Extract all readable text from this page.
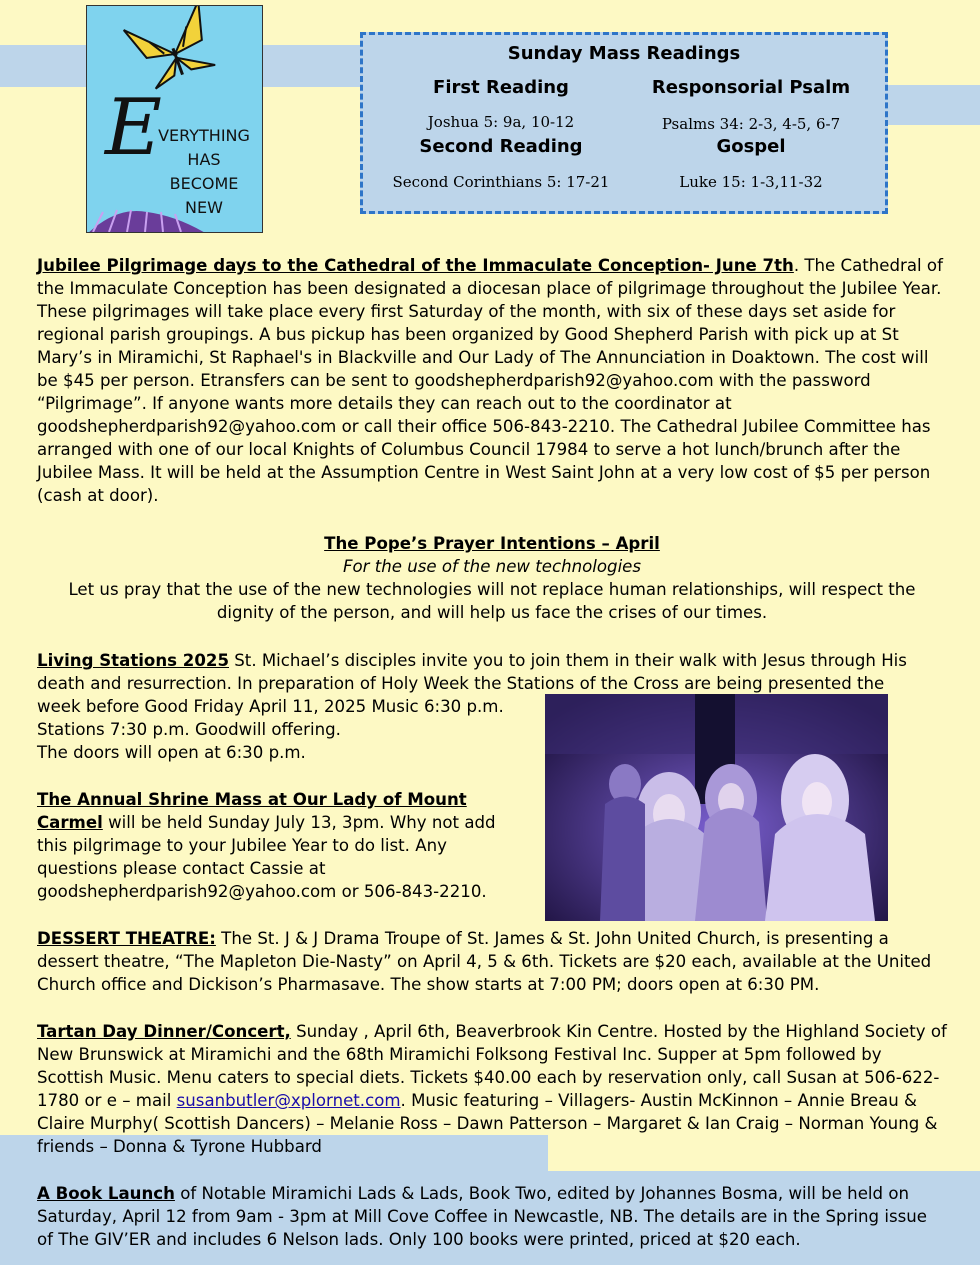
E
VERYTHING
HAS
BECOME
NEW
Sunday Mass Readings
First Reading	Responsorial Psalm
Joshua 5: 9a, 10-12	Psalms 34: 2-3, 4-5, 6-7
Second Reading	Gospel
Second Corinthians 5: 17-21	Luke 15: 1-3,11-32

Jubilee Pilgrimage days to the Cathedral of the Immaculate Conception- June 7th. The Cathedral of the Immaculate Conception has been designated a diocesan place of pilgrimage throughout the Jubilee Year. These pilgrimages will take place every first Saturday of the month, with six of these days set aside for regional parish groupings. A bus pickup has been organized by Good Shepherd Parish with pick up at St Mary’s in Miramichi, St Raphael's in Blackville and Our Lady of The Annunciation in Doaktown. The cost will be $45 per person. Etransfers can be sent to goodshepherdparish92@yahoo.com with the password “Pilgrimage”. If anyone wants more details they can reach out to the coordinator at goodshepherdparish92@yahoo.com or call their office 506-843-2210. The Cathedral Jubilee Committee has arranged with one of our local Knights of Columbus Council 17984 to serve a hot lunch/brunch after the Jubilee Mass. It will be held at the Assumption Centre in West Saint John at a very low cost of $5 per person (cash at door).

The Pope’s Prayer Intentions – April

For the use of the new technologies

Let us pray that the use of the new technologies will not replace human relationships, will respect the dignity of the person, and will help us face the crises of our times.

Living Stations 2025 St. Michael’s disciples invite you to join them in their walk with Jesus through His death and resurrection. In preparation of Holy Week the Stations of the Cross are being presented the

week before Good Friday April 11, 2025 Music 6:30 p.m.

Stations 7:30 p.m. Goodwill offering.

The doors will open at 6:30 p.m.

The Annual Shrine Mass at Our Lady of Mount Carmel will be held Sunday July 13, 3pm. Why not add this pilgrimage to your Jubilee Year to do list. Any questions please contact Cassie at goodshepherdparish92@yahoo.com or 506-843-2210.

DESSERT THEATRE: The St. J & J Drama Troupe of St. James & St. John United Church, is presenting a dessert theatre, “The Mapleton Die-Nasty” on April 4, 5 & 6th. Tickets are $20 each, available at the United Church office and Dickison’s Pharmasave. The show starts at 7:00 PM; doors open at 6:30 PM.

Tartan Day Dinner/Concert, Sunday , April 6th, Beaverbrook Kin Centre. Hosted by the Highland Society of New Brunswick at Miramichi and the 68th Miramichi Folksong Festival Inc. Supper at 5pm followed by Scottish Music. Menu caters to special diets. Tickets $40.00 each by reservation only, call Susan at 506-622-1780 or e – mail susanbutler@xplornet.com. Music featuring – Villagers- Austin McKinnon – Annie Breau & Claire Murphy( Scottish Dancers) – Melanie Ross – Dawn Patterson – Margaret & Ian Craig – Norman Young & friends – Donna & Tyrone Hubbard

A Book Launch of Notable Miramichi Lads & Lads, Book Two, edited by Johannes Bosma, will be held on Saturday, April 12 from 9am - 3pm at Mill Cove Coffee in Newcastle, NB. The details are in the Spring issue of The GIV’ER and includes 6 Nelson lads. Only 100 books were printed, priced at $20 each.
